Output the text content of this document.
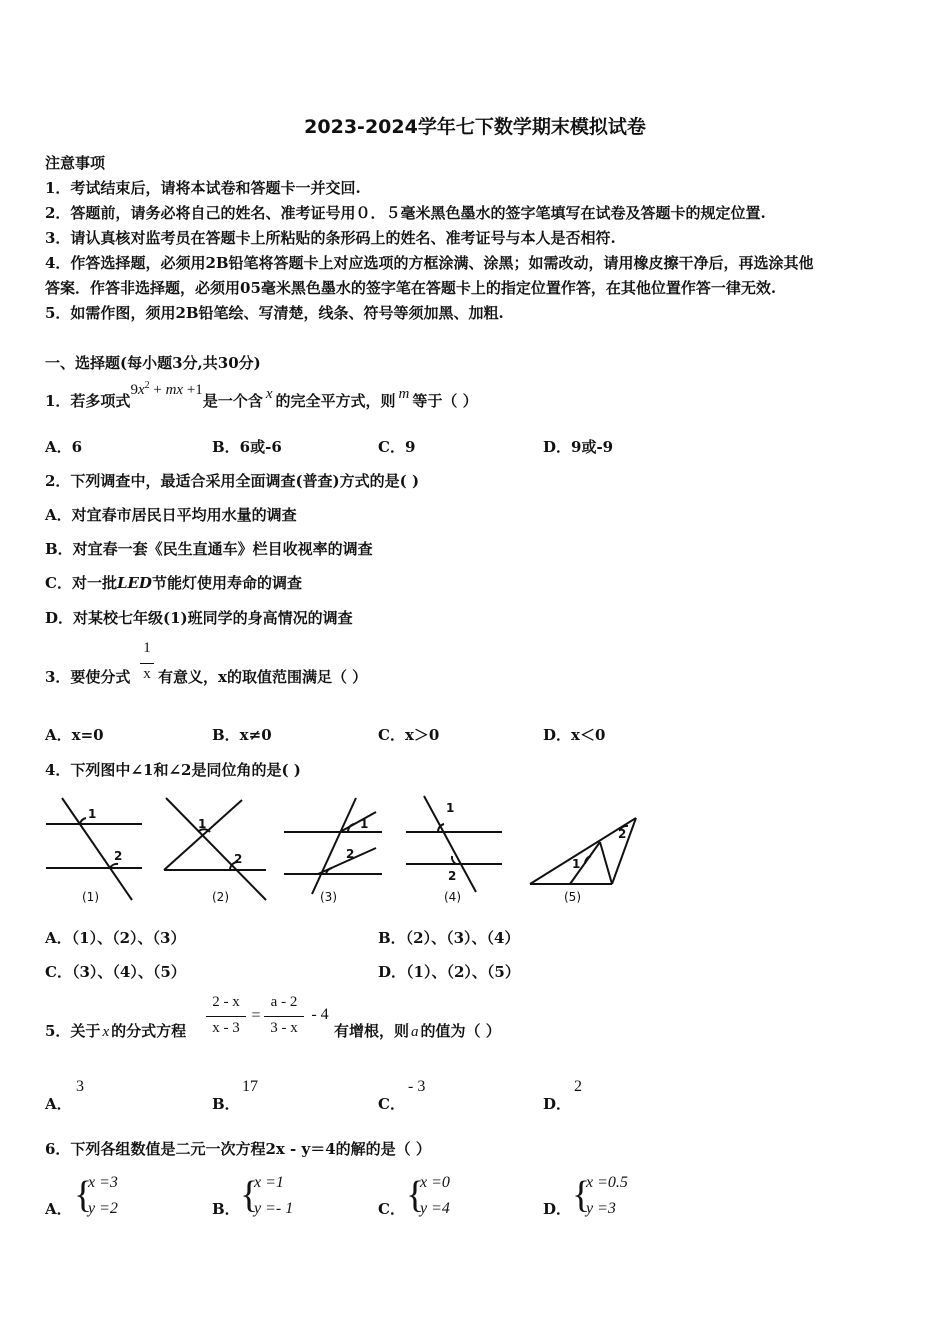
2023-2024学年七下数学期末模拟试卷
注意事项
1．考试结束后，请将本试卷和答题卡一并交回.
2．答题前，请务必将自己的姓名、准考证号用０．５毫米黑色墨水的签字笔填写在试卷及答题卡的规定位置.
3．请认真核对监考员在答题卡上所粘贴的条形码上的姓名、准考证号与本人是否相符.
4．作答选择题，必须用2B铅笔将答题卡上对应选项的方框涂满、涂黑；如需改动，请用橡皮擦干净后，再选涂其他
答案．作答非选择题，必须用05毫米黑色墨水的签字笔在答题卡上的指定位置作答，在其他位置作答一律无效.
5．如需作图，须用2B铅笔绘、写清楚，线条、符号等须加黑、加粗.
一、选择题(每小题3分,共30分)
1．若多项式$9x^2$ + mx +1是一个含 x 的完全平方式，则 m 等于（ ）
A．6	B．6或-6	C．9	D．9或-9
2．下列调查中，最适合采用全面调查(普查)方式的是( )
A．对宜春市居民日平均用水量的调查
B．对宜春一套《民生直通车》栏目收视率的调查
C．对一批LED节能灯使用寿命的调查
D．对某校七年级(1)班同学的身高情况的调查
3．要使分式
1
x 有意义，x的取值范围满足（ ）
A．x=0	B．x≠0	C．x＞0	D．x＜0
4．下列图中∠1和∠2是同位角的是( )
1
2
1
2
1
2
1
2
1
2
(1)	(2)	(3)	(4)	(5)
A．（1）、（2）、（3）	B．（2）、（3）、（4）
C．（3）、（4）、（5）	D．（1）、（2）、（5）
5．关于 x 的分式方程
2 - x
x - 3
=
a - 2
3 - x
- 4
有增根，则 a 的值为（ ）
A．
3
B．
17
C．
- 3
D．
2
6．下列各组数值是二元一次方程2x - y＝4的解的是（ ）
A． {
x =3
y =2	B． {
x =1
y =- 1	C． {
x =0
y =4	D． {
x =0.5
y =3
